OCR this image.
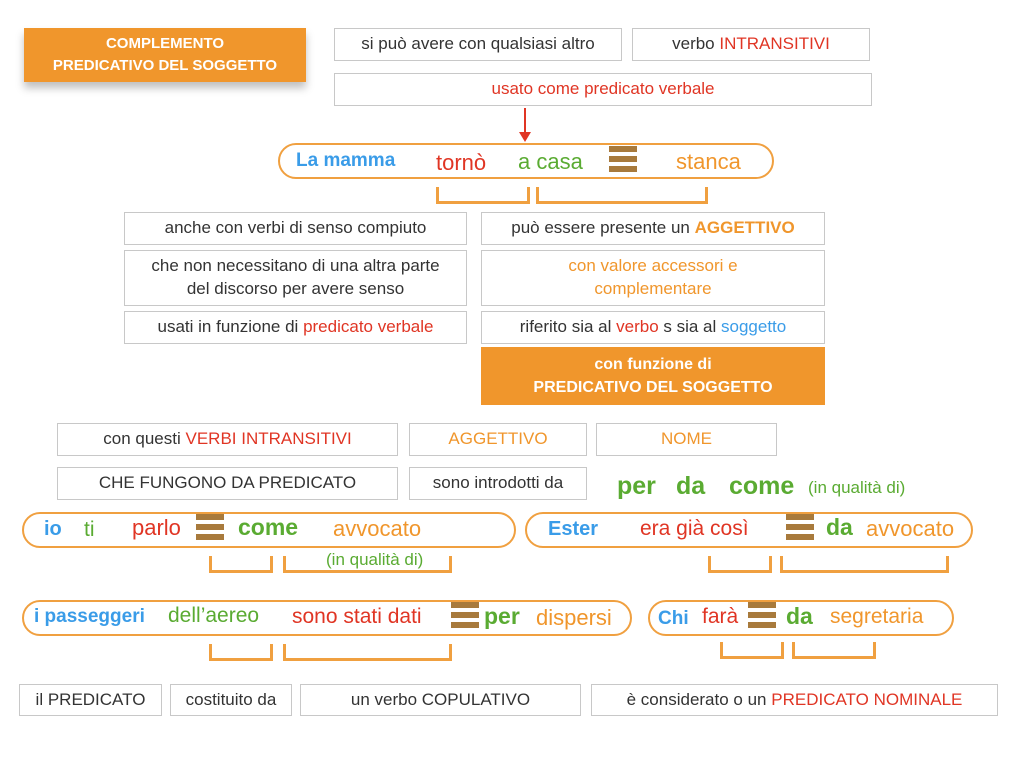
COMPLEMENTO
PREDICATIVO DEL SOGGETTO
si può avere con qualsiasi altro	verbo INTRANSITIVI
usato come predicato verbale
La mamma tornò a casa	stanca
anche con verbi di senso compiuto
che non necessitano di una altra parte del discorso per avere senso
usati in funzione di predicato verbale
può essere presente un AGGETTIVO
con valore accessori e complementare
riferito sia al verbo s sia al soggetto
con funzione di
PREDICATIVO DEL SOGGETTO
con questi VERBI INTRANSITIVI	AGGETTIVO	NOME
CHE FUNGONO DA PREDICATO	sono introdotti da per da come (in qualità di)
io ti parlo come avvocato
(in qualità di)
Ester era già così	da avvocato
i passeggeri dell’aereo sono stati dati	per dispersi Chi farà da segretaria
il PREDICATO costituito da	un verbo COPULATIVO	è considerato o un PREDICATO NOMINALE
